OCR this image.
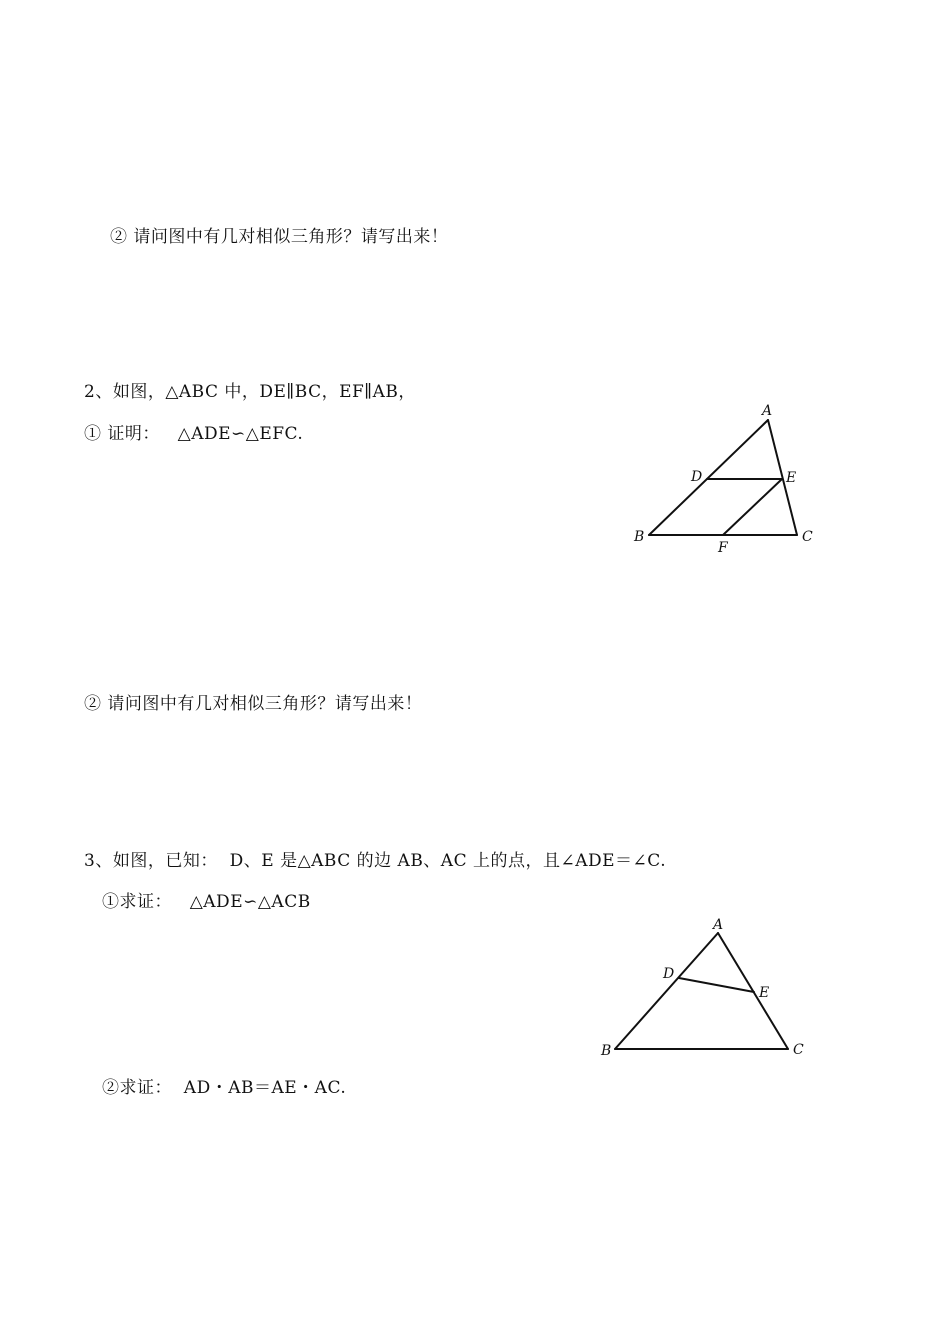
② 请问图中有几对相似三角形？请写出来！
2、如图，△ABC 中，DE∥BC，EF∥AB，
① 证明：   △ADE∽△EFC.
A
B	C
D	E
F
② 请问图中有几对相似三角形？请写出来！
3、如图，已知：  D、E 是△ABC 的边 AB、AC 上的点，且∠ADE＝∠C.
①求证：   △ADE∽△ACB
A
B	C
D
E
②求证：  AD・AB＝AE・AC.
